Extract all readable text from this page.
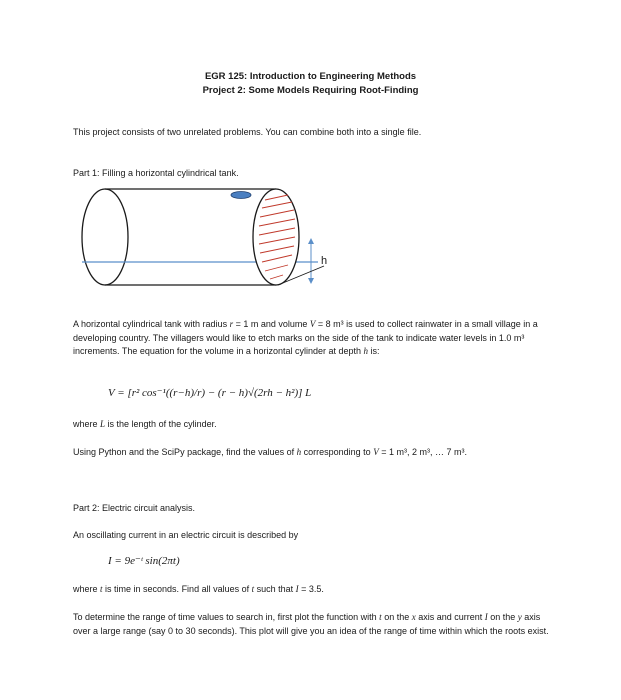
EGR 125: Introduction to Engineering Methods
Project 2: Some Models Requiring Root-Finding

This project consists of two unrelated problems. You can combine both into a single file.

Part 1: Filling a horizontal cylindrical tank.

h

A horizontal cylindrical tank with radius r = 1 m and volume V = 8 m³ is used to collect rainwater in a small village in a developing country. The villagers would like to etch marks on the side of the tank to indicate water levels in 1.0 m³ increments. The equation for the volume in a horizontal cylinder at depth h is:

V = [r² cos⁻¹((r−h)/r) − (r − h)√(2rh − h²)] L

where L is the length of the cylinder.

Using Python and the SciPy package, find the values of h corresponding to V = 1 m³, 2 m³, … 7 m³.

Part 2: Electric circuit analysis.

An oscillating current in an electric circuit is described by

I = 9e⁻ᵗ sin(2πt)

where t is time in seconds. Find all values of t such that I = 3.5.

To determine the range of time values to search in, first plot the function with t on the x axis and current I on the y axis over a large range (say 0 to 30 seconds). This plot will give you an idea of the range of time within which the roots exist.
